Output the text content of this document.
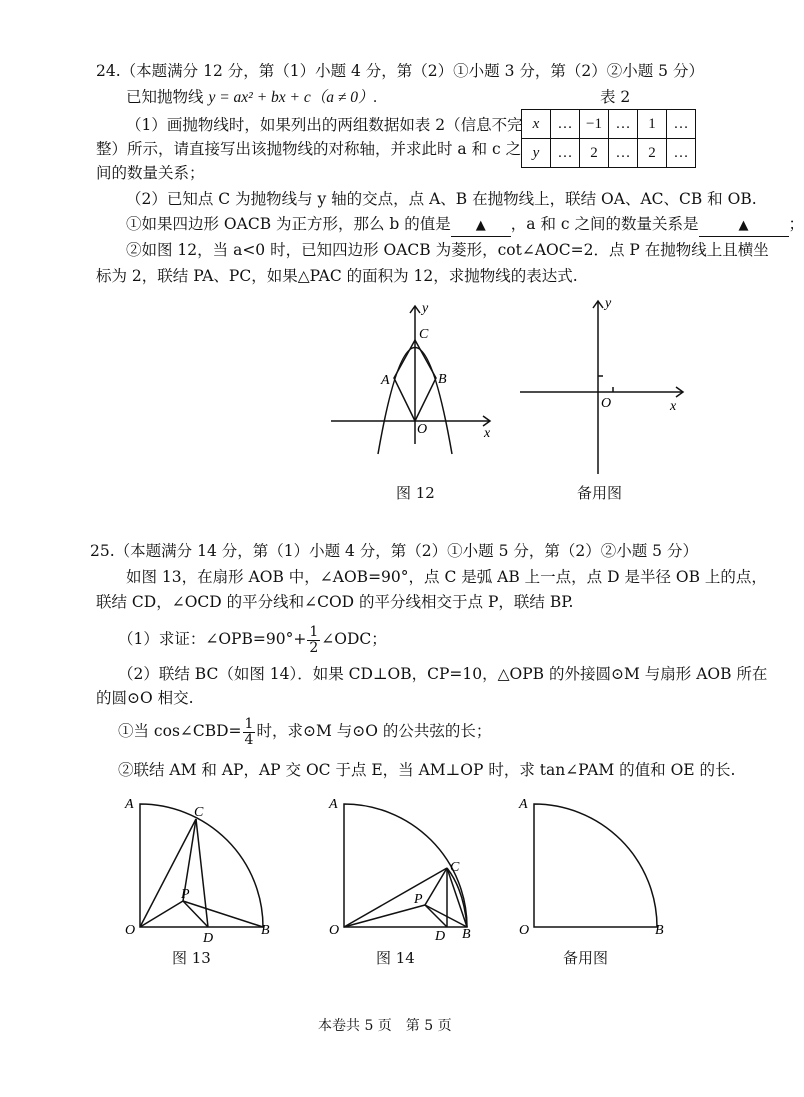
24.（本题满分 12 分，第（1）小题 4 分，第（2）①小题 3 分，第（2）②小题 5 分）
已知抛物线 y = ax² + bx + c（a ≠ 0）.	表 2
x	…	−1	…	1	…
y	…	2	…	2	…
（1）画抛物线时，如果列出的两组数据如表 2（信息不完
整）所示，请直接写出该抛物线的对称轴，并求此时 a 和 c 之
间的数量关系；
（2）已知点 C 为抛物线与 y 轴的交点，点 A、B 在抛物线上，联结 OA、AC、CB 和 OB.
①如果四边形 OACB 为正方形，那么 b 的值是 ▲ ，a 和 c 之间的数量关系是	▲	；
②如图 12，当 a<0 时，已知四边形 OACB 为菱形，cot∠AOC=2．点 P 在抛物线上且横坐
标为 2，联结 PA、PC，如果△PAC 的面积为 12，求抛物线的表达式.
C
A	B
O
y
x
图 12
O
y
x
备用图
25.（本题满分 14 分，第（1）小题 4 分，第（2）①小题 5 分，第（2）②小题 5 分）
如图 13，在扇形 AOB 中，∠AOB=90°，点 C 是弧 AB 上一点，点 D 是半径 OB 上的点，
联结 CD，∠OCD 的平分线和∠COD 的平分线相交于点 P，联结 BP.
（1）求证：∠OPB=90°+ $\frac{1}{2}$ ∠ODC；
（2）联结 BC（如图 14）．如果 CD⊥OB，CP=10，△OPB 的外接圆⊙M 与扇形 AOB 所在
的圆⊙O 相交.
①当 cos∠CBD= $\frac{1}{4}$ 时，求⊙M 与⊙O 的公共弦的长；
②联结 AM 和 AP，AP 交 OC 于点 E，当 AM⊥OP 时，求 tan∠PAM 的值和 OE 的长.
A
C
P
O
D
B
图 13
A
C
P
O	D B
图 14
A
O	B
备用图
本卷共 5 页　第 5 页
